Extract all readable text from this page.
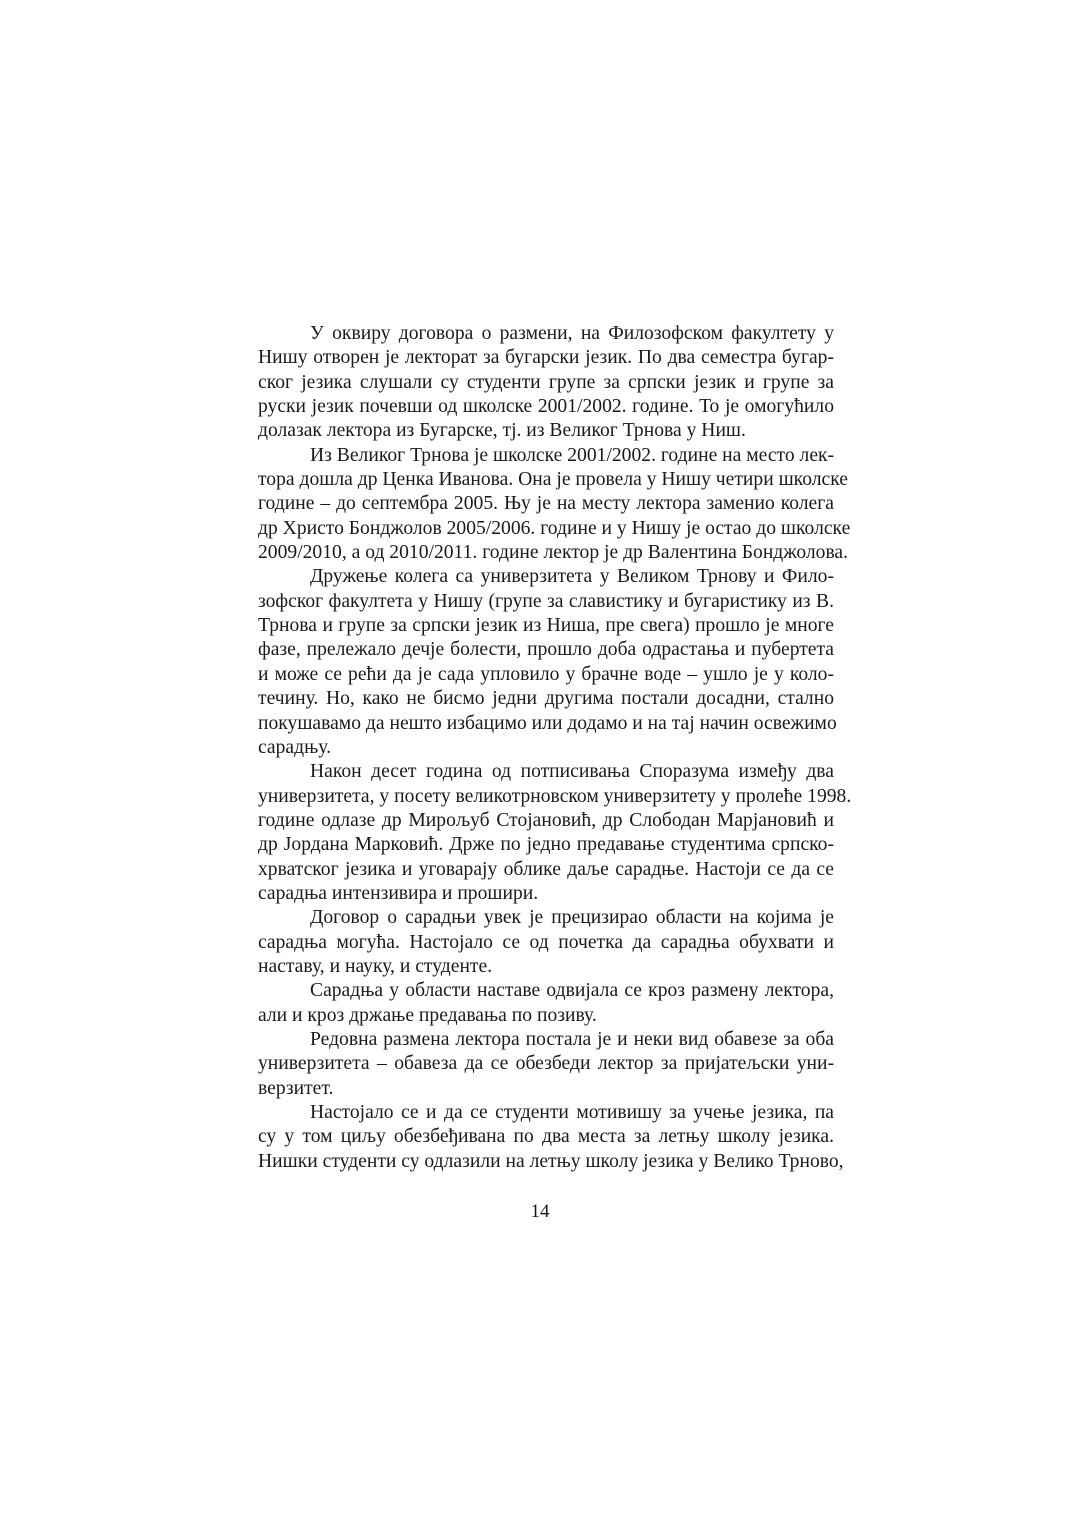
У оквиру договора о размени, на Филозофском факултету у
Нишу отворен је лекторат за бугарски језик. По два семестра бугар-
ског језика слушали су студенти групе за српски језик и групе за
руски језик почевши од школске 2001/2002. године. То је омогућило
долазак лектора из Бугарске, тј. из Великог Трнова у Ниш.
Из Великог Трнова је школске 2001/2002. године на место лек-
тора дошла др Ценка Иванова. Она је провела у Нишу четири школске
године – до септембра 2005. Њу је на месту лектора заменио колега
др Христо Бонджолов 2005/2006. године и у Нишу је остао до школске
2009/2010, а од 2010/2011. године лектор је др Валентина Бонджолова.
Дружење колега са универзитета у Великом Трнову и Фило-
зофског факултета у Нишу (групе за славистику и бугаристику из В.
Трнова и групе за српски језик из Ниша, пре свега) прошло је многе
фазе, прележало дечје болести, прошло доба одрастања и пубертета
и може се рећи да је сада упловило у брачне воде – ушло је у коло-
течину. Но, како не бисмо једни другима постали досадни, стално
покушавамо да нешто избацимо или додамо и на тај начин освежимо
сарадњу.
Након десет година од потписивања Споразума између два
универзитета, у посету великотрновском универзитету у пролеће 1998.
године одлазе др Мирољуб Стојановић, др Слободан Марјановић и
др Јордана Марковић. Држе по једно предавање студентима српско-
хрватског језика и уговарају облике даље сарадње. Настоји се да се
сарадња интензивира и прошири.
Договор о сарадњи увек је прецизирао области на којима је
сарадња могућа. Настојало се од почетка да сарадња обухвати и
наставу, и науку, и студенте.
Сарадња у области наставе одвијала се кроз размену лектора,
али и кроз држање предавања по позиву.
Редовна размена лектора постала је и неки вид обавезе за оба
универзитета – обавеза да се обезбеди лектор за пријатељски уни-
верзитет.
Настојало се и да се студенти мотивишу за учење језика, па
су у том циљу обезбеђивана по два места за летњу школу језика.
Нишки студенти су одлазили на летњу школу језика у Велико Трново,
14
